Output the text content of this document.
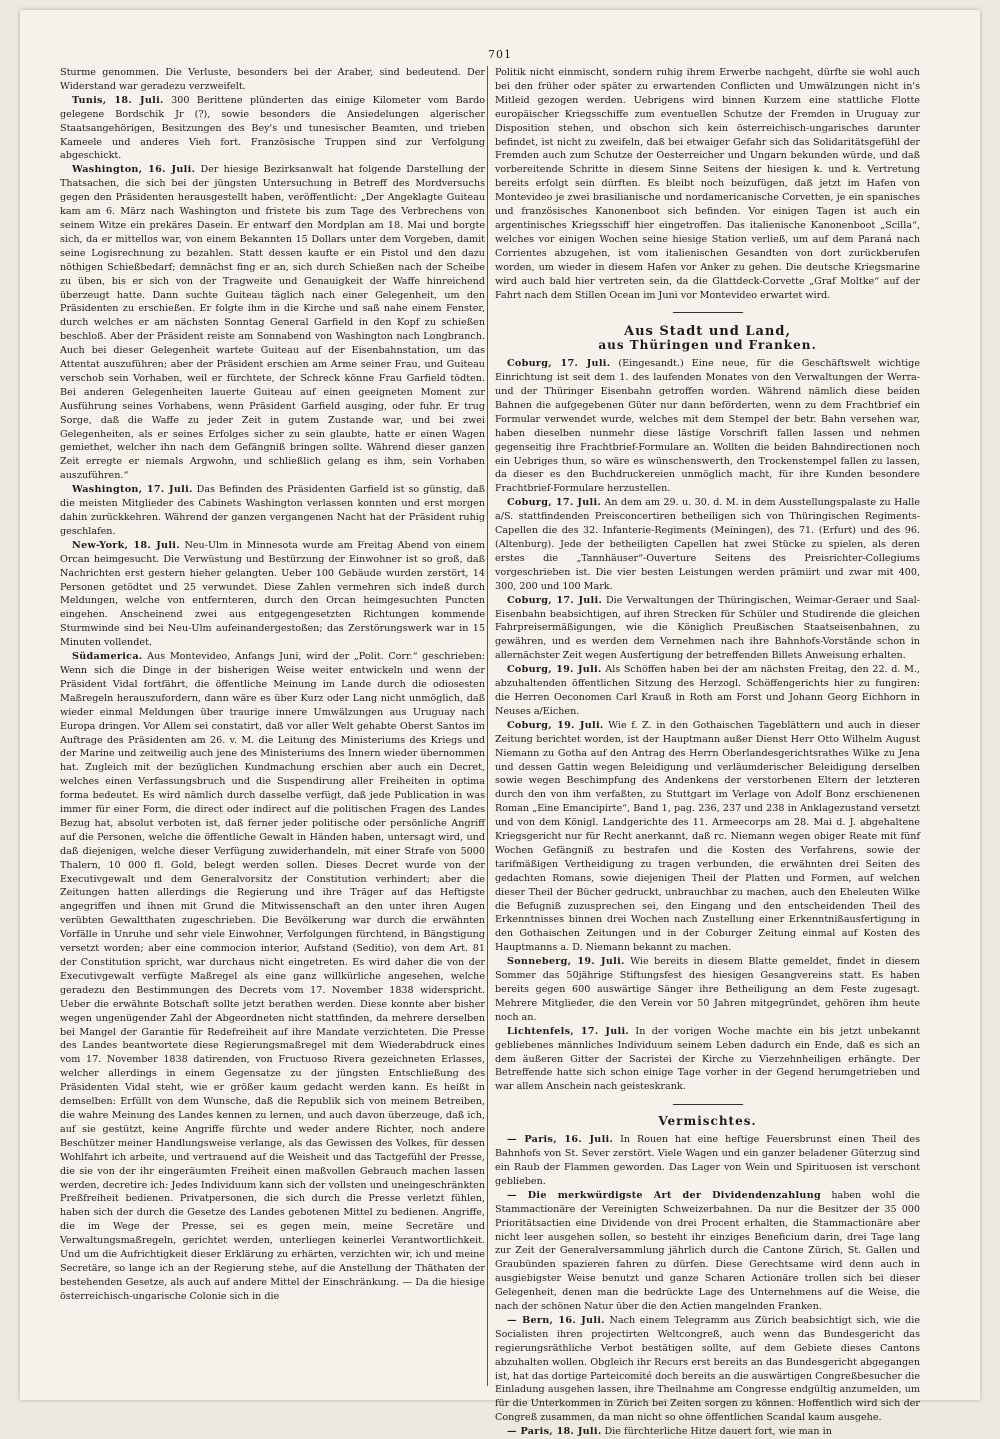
701

Sturme genommen. Die Verluste, besonders bei der Araber, sind bedeutend. Der Widerstand war geradezu verzweifelt.

Tunis, 18. Juli. 300 Berittene plünderten das einige Kilometer vom Bardo gelegene Bordschik Jr (?), sowie besonders die Ansiedelungen algerischer Staatsangehörigen, Besitzungen des Bey's und tunesischer Beamten, und trieben Kameele und anderes Vieh fort. Französische Truppen sind zur Verfolgung abgeschickt.

Washington, 16. Juli. Der hiesige Bezirksanwalt hat folgende Darstellung der Thatsachen, die sich bei der jüngsten Untersuchung in Betreff des Mordversuchs gegen den Präsidenten herausgestellt haben, veröffentlicht: „Der Angeklagte Guiteau kam am 6. März nach Washington und fristete bis zum Tage des Verbrechens von seinem Witze ein prekäres Dasein. Er entwarf den Mordplan am 18. Mai und borgte sich, da er mittellos war, von einem Bekannten 15 Dollars unter dem Vorgeben, damit seine Logisrechnung zu bezahlen. Statt dessen kaufte er ein Pistol und den dazu nöthigen Schießbedarf; demnächst fing er an, sich durch Schießen nach der Scheibe zu üben, bis er sich von der Tragweite und Genauigkeit der Waffe hinreichend überzeugt hatte. Dann suchte Guiteau täglich nach einer Gelegenheit, um den Präsidenten zu erschießen. Er folgte ihm in die Kirche und saß nahe einem Fenster, durch welches er am nächsten Sonntag General Garfield in den Kopf zu schießen beschloß. Aber der Präsident reiste am Sonnabend von Washington nach Longbranch. Auch bei dieser Gelegenheit wartete Guiteau auf der Eisenbahnstation, um das Attentat auszuführen; aber der Präsident erschien am Arme seiner Frau, und Guiteau verschob sein Vorhaben, weil er fürchtete, der Schreck könne Frau Garfield tödten. Bei anderen Gelegenheiten lauerte Guiteau auf einen geeigneten Moment zur Ausführung seines Vorhabens, wenn Präsident Garfield ausging, oder fuhr. Er trug Sorge, daß die Waffe zu jeder Zeit in gutem Zustande war, und bei zwei Gelegenheiten, als er seines Erfolges sicher zu sein glaubte, hatte er einen Wagen gemiethet, welcher ihn nach dem Gefängniß bringen sollte. Während dieser ganzen Zeit erregte er niemals Argwohn, und schließlich gelang es ihm, sein Vorhaben auszuführen.“

Washington, 17. Juli. Das Befinden des Präsidenten Garfield ist so günstig, daß die meisten Mitglieder des Cabinets Washington verlassen konnten und erst morgen dahin zurückkehren. Während der ganzen vergangenen Nacht hat der Präsident ruhig geschlafen.

New-York, 18. Juli. Neu-Ulm in Minnesota wurde am Freitag Abend von einem Orcan heimgesucht. Die Verwüstung und Bestürzung der Einwohner ist so groß, daß Nachrichten erst gestern hieher gelangten. Ueber 100 Gebäude wurden zerstört, 14 Personen getödtet und 25 verwundet. Diese Zahlen vermehren sich indeß durch Meldungen, welche von entfernteren, durch den Orcan heimgesuchten Puncten eingehen. Anscheinend zwei aus entgegengesetzten Richtungen kommende Sturmwinde sind bei Neu-Ulm aufeinandergestoßen; das Zerstörungswerk war in 15 Minuten vollendet.

Südamerica. Aus Montevideo, Anfangs Juni, wird der „Polit. Corr.“ geschrieben: Wenn sich die Dinge in der bisherigen Weise weiter entwickeln und wenn der Präsident Vidal fortfährt, die öffentliche Meinung im Lande durch die odiosesten Maßregeln herauszufordern, dann wäre es über Kurz oder Lang nicht unmöglich, daß wieder einmal Meldungen über traurige innere Umwälzungen aus Uruguay nach Europa dringen. Vor Allem sei constatirt, daß vor aller Welt gehabte Oberst Santos im Auftrage des Präsidenten am 26. v. M. die Leitung des Ministeriums des Kriegs und der Marine und zeitweilig auch jene des Ministeriums des Innern wieder übernommen hat. Zugleich mit der bezüglichen Kundmachung erschien aber auch ein Decret, welches einen Verfassungsbruch und die Suspendirung aller Freiheiten in optima forma bedeutet. Es wird nämlich durch dasselbe verfügt, daß jede Publication in was immer für einer Form, die direct oder indirect auf die politischen Fragen des Landes Bezug hat, absolut verboten ist, daß ferner jeder politische oder persönliche Angriff auf die Personen, welche die öffentliche Gewalt in Händen haben, untersagt wird, und daß diejenigen, welche dieser Verfügung zuwiderhandeln, mit einer Strafe von 5000 Thalern, 10 000 fl. Gold, belegt werden sollen. Dieses Decret wurde von der Executivgewalt und dem Generalvorsitz der Constitution verhindert; aber die Zeitungen hatten allerdings die Regierung und ihre Träger auf das Heftigste angegriffen und ihnen mit Grund die Mitwissenschaft an den unter ihren Augen verübten Gewaltthaten zugeschrieben. Die Bevölkerung war durch die erwähnten Vorfälle in Unruhe und sehr viele Einwohner, Verfolgungen fürchtend, in Bängstigung versetzt worden; aber eine commocion interior, Aufstand (Seditio), von dem Art. 81 der Constitution spricht, war durchaus nicht eingetreten. Es wird daher die von der Executivgewalt verfügte Maßregel als eine ganz willkürliche angesehen, welche geradezu den Bestimmungen des Decrets vom 17. November 1838 widerspricht. Ueber die erwähnte Botschaft sollte jetzt berathen werden. Diese konnte aber bisher wegen ungenügender Zahl der Abgeordneten nicht stattfinden, da mehrere derselben bei Mangel der Garantie für Redefreiheit auf ihre Mandate verzichteten. Die Presse des Landes beantwortete diese Regierungsmaßregel mit dem Wiederabdruck eines vom 17. November 1838 datirenden, von Fructuoso Rivera gezeichneten Erlasses, welcher allerdings in einem Gegensatze zu der jüngsten Entschließung des Präsidenten Vidal steht, wie er größer kaum gedacht werden kann. Es heißt in demselben: Erfüllt von dem Wunsche, daß die Republik sich von meinem Betreiben, die wahre Meinung des Landes kennen zu lernen, und auch davon überzeuge, daß ich, auf sie gestützt, keine Angriffe fürchte und weder andere Richter, noch andere Beschützer meiner Handlungsweise verlange, als das Gewissen des Volkes, für dessen Wohlfahrt ich arbeite, und vertrauend auf die Weisheit und das Tactgefühl der Presse, die sie von der ihr eingeräumten Freiheit einen maßvollen Gebrauch machen lassen werden, decretire ich: Jedes Individuum kann sich der vollsten und uneingeschränkten Preßfreiheit bedienen. Privatpersonen, die sich durch die Presse verletzt fühlen, haben sich der durch die Gesetze des Landes gebotenen Mittel zu bedienen. Angriffe, die im Wege der Presse, sei es gegen mein, meine Secretäre und Verwaltungsmaßregeln, gerichtet werden, unterliegen keinerlei Verantwortlichkeit. Und um die Aufrichtigkeit dieser Erklärung zu erhärten, verzichten wir, ich und meine Secretäre, so lange ich an der Regierung stehe, auf die Anstellung der Thäthaten der bestehenden Gesetze, als auch auf andere Mittel der Einschränkung. — Da die hiesige österreichisch-ungarische Colonie sich in die

Politik nicht einmischt, sondern ruhig ihrem Erwerbe nachgeht, dürfte sie wohl auch bei den früher oder später zu erwartenden Conflicten und Umwälzungen nicht in's Mitleid gezogen werden. Uebrigens wird binnen Kurzem eine stattliche Flotte europäischer Kriegsschiffe zum eventuellen Schutze der Fremden in Uruguay zur Disposition stehen, und obschon sich kein österreichisch-ungarisches darunter befindet, ist nicht zu zweifeln, daß bei etwaiger Gefahr sich das Solidaritätsgefühl der Fremden auch zum Schutze der Oesterreicher und Ungarn bekunden würde, und daß vorbereitende Schritte in diesem Sinne Seitens der hiesigen k. und k. Vertretung bereits erfolgt sein dürften. Es bleibt noch beizufügen, daß jetzt im Hafen von Montevideo je zwei brasilianische und nordamericanische Corvetten, je ein spanisches und französisches Kanonenboot sich befinden. Vor einigen Tagen ist auch ein argentinisches Kriegsschiff hier eingetroffen. Das italienische Kanonenboot „Scilla“, welches vor einigen Wochen seine hiesige Station verließ, um auf dem Paraná nach Corrientes abzugehen, ist vom italienischen Gesandten von dort zurückberufen worden, um wieder in diesem Hafen vor Anker zu gehen. Die deutsche Kriegsmarine wird auch bald hier vertreten sein, da die Glattdeck-Corvette „Graf Moltke“ auf der Fahrt nach dem Stillen Ocean im Juni vor Montevideo erwartet wird.

Aus Stadt und Land,
aus Thüringen und Franken.

Coburg, 17. Juli. (Eingesandt.) Eine neue, für die Geschäftswelt wichtige Einrichtung ist seit dem 1. des laufenden Monates von den Verwaltungen der Werra- und der Thüringer Eisenbahn getroffen worden. Während nämlich diese beiden Bahnen die aufgegebenen Güter nur dann beförderten, wenn zu dem Frachtbrief ein Formular verwendet wurde, welches mit dem Stempel der betr. Bahn versehen war, haben dieselben nunmehr diese lästige Vorschrift fallen lassen und nehmen gegenseitig ihre Frachtbrief-Formulare an. Wollten die beiden Bahndirectionen noch ein Uebriges thun, so wäre es wünschenswerth, den Trockenstempel fallen zu lassen, da dieser es den Buchdruckereien unmöglich macht, für ihre Kunden besondere Frachtbrief-Formulare herzustellen.

Coburg, 17. Juli. An dem am 29. u. 30. d. M. in dem Ausstellungspalaste zu Halle a/S. stattfindenden Preisconcertiren betheiligen sich von Thüringischen Regiments-Capellen die des 32. Infanterie-Regiments (Meiningen), des 71. (Erfurt) und des 96. (Altenburg). Jede der betheiligten Capellen hat zwei Stücke zu spielen, als deren erstes die „Tannhäuser“-Ouverture Seitens des Preisrichter-Collegiums vorgeschrieben ist. Die vier besten Leistungen werden prämiirt und zwar mit 400, 300, 200 und 100 Mark.

Coburg, 17. Juli. Die Verwaltungen der Thüringischen, Weimar-Geraer und Saal-Eisenbahn beabsichtigen, auf ihren Strecken für Schüler und Studirende die gleichen Fahrpreisermäßigungen, wie die Königlich Preußischen Staatseisenbahnen, zu gewähren, und es werden dem Vernehmen nach ihre Bahnhofs-Vorstände schon in allernächster Zeit wegen Ausfertigung der betreffenden Billets Anweisung erhalten.

Coburg, 19. Juli. Als Schöffen haben bei der am nächsten Freitag, den 22. d. M., abzuhaltenden öffentlichen Sitzung des Herzogl. Schöffengerichts hier zu fungiren: die Herren Oeconomen Carl Krauß in Roth am Forst und Johann Georg Eichhorn in Neuses a/Eichen.

Coburg, 19. Juli. Wie f. Z. in den Gothaischen Tageblättern und auch in dieser Zeitung berichtet worden, ist der Hauptmann außer Dienst Herr Otto Wilhelm August Niemann zu Gotha auf den Antrag des Herrn Oberlandesgerichtsrathes Wilke zu Jena und dessen Gattin wegen Beleidigung und verläumderischer Beleidigung derselben sowie wegen Beschimpfung des Andenkens der verstorbenen Eltern der letzteren durch den von ihm verfaßten, zu Stuttgart im Verlage von Adolf Bonz erschienenen Roman „Eine Emancipirte“, Band 1, pag. 236, 237 und 238 in Anklagezustand versetzt und von dem Königl. Landgerichte des 11. Armeecorps am 28. Mai d. J. abgehaltene Kriegsgericht nur für Recht anerkannt, daß rc. Niemann wegen obiger Reate mit fünf Wochen Gefängniß zu bestrafen und die Kosten des Verfahrens, sowie der tarifmäßigen Vertheidigung zu tragen verbunden, die erwähnten drei Seiten des gedachten Romans, sowie diejenigen Theil der Platten und Formen, auf welchen dieser Theil der Bücher gedruckt, unbrauchbar zu machen, auch den Eheleuten Wilke die Befugniß zuzusprechen sei, den Eingang und den entscheidenden Theil des Erkenntnisses binnen drei Wochen nach Zustellung einer Erkenntnißausfertigung in den Gothaischen Zeitungen und in der Coburger Zeitung einmal auf Kosten des Hauptmanns a. D. Niemann bekannt zu machen.

Sonneberg, 19. Juli. Wie bereits in diesem Blatte gemeldet, findet in diesem Sommer das 50jährige Stiftungsfest des hiesigen Gesangvereins statt. Es haben bereits gegen 600 auswärtige Sänger ihre Betheiligung an dem Feste zugesagt. Mehrere Mitglieder, die den Verein vor 50 Jahren mitgegründet, gehören ihm heute noch an.

Lichtenfels, 17. Juli. In der vorigen Woche machte ein bis jetzt unbekannt gebliebenes männliches Individuum seinem Leben dadurch ein Ende, daß es sich an dem äußeren Gitter der Sacristei der Kirche zu Vierzehnheiligen erhängte. Der Betreffende hatte sich schon einige Tage vorher in der Gegend herumgetrieben und war allem Anschein nach geisteskrank.

Vermischtes.

— Paris, 16. Juli. In Rouen hat eine heftige Feuersbrunst einen Theil des Bahnhofs von St. Sever zerstört. Viele Wagen und ein ganzer beladener Güterzug sind ein Raub der Flammen geworden. Das Lager von Wein und Spirituosen ist verschont geblieben.

— Die merkwürdigste Art der Dividendenzahlung haben wohl die Stammactionäre der Vereinigten Schweizerbahnen. Da nur die Besitzer der 35 000 Prioritätsactien eine Dividende von drei Procent erhalten, die Stammactionäre aber nicht leer ausgehen sollen, so besteht ihr einziges Beneficium darin, drei Tage lang zur Zeit der Generalversammlung jährlich durch die Cantone Zürich, St. Gallen und Graubünden spazieren fahren zu dürfen. Diese Gerechtsame wird denn auch in ausgiebigster Weise benutzt und ganze Scharen Actionäre trollen sich bei dieser Gelegenheit, denen man die bedrückte Lage des Unternehmens auf die Weise, die nach der schönen Natur über die den Actien mangelnden Franken.

— Bern, 16. Juli. Nach einem Telegramm aus Zürich beabsichtigt sich, wie die Socialisten ihren projectirten Weltcongreß, auch wenn das Bundesgericht das regierungsräthliche Verbot bestätigen sollte, auf dem Gebiete dieses Cantons abzuhalten wollen. Obgleich ihr Recurs erst bereits an das Bundesgericht abgegangen ist, hat das dortige Parteicomité doch bereits an die auswärtigen Congreßbesucher die Einladung ausgehen lassen, ihre Theilnahme am Congresse endgültig anzumelden, um für die Unterkommen in Zürich bei Zeiten sorgen zu können. Hoffentlich wird sich der Congreß zusammen, da man nicht so ohne öffentlichen Scandal kaum ausgehe.

— Paris, 18. Juli. Die fürchterliche Hitze dauert fort, wie man in
